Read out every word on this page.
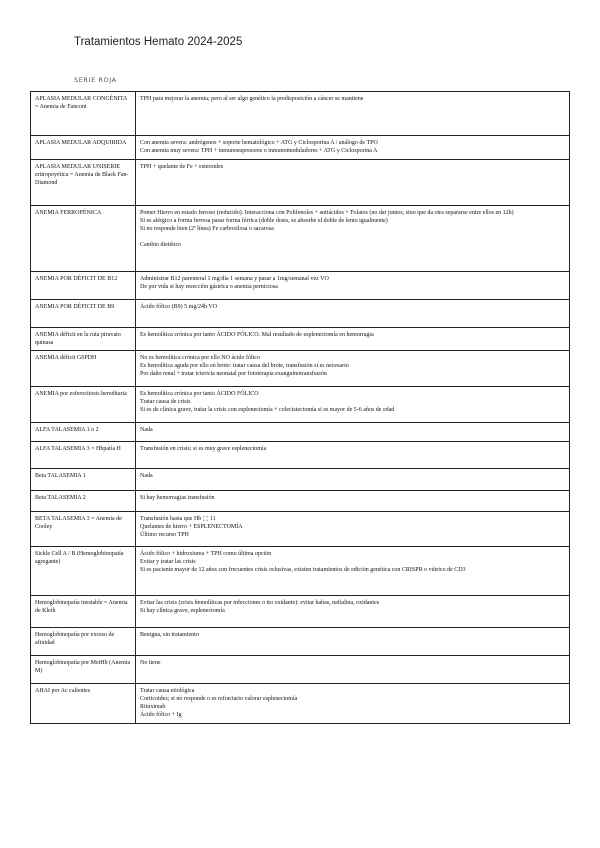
Tratamientos Hemato 2024-2025
SERIE ROJA
APLASIA MEDULAR CONGÉNITA = Anemia de Fanconi	TPH para mejorar la anemia; pero al ser algo genético la predisposición a cáncer se mantiene

APLASIA MEDULAR ADQUIRIDA	Con anemia severa: andrógenos + soporte hematológico + ATG y Ciclosporina A / análogo de TPO
Con anemia muy severa: TPH + inmunosupresores o inmunomoduladores + ATG y Ciclosporina A

APLASIA MEDULAR UNISERIE eritropoyética = Anemia de Black Fan-Diamond	TPH + quelante de Fe + esteroides

ANEMIA FERROPÉNICA	Pomer Hierro en estado ferroso (reducido). Interacciona con Polifenoles + antiácidos + Folatos (no dar juntos, sino que da otra separarse entre ellos en 12h)
Si es alérgico a forma ferrosa pasar forma férrica (doble dosis, se absorbe el doble de lento igualmente)
Si no responde bien (2ª línea) Fe carboxilosa o sacarosa
Cambio dietético

ANEMIA POR DÉFICIT DE B12	Administrar B12 parenteral 1 mg/día 1 semana y pasar a 1mg/semanal vez VO
De por vida si hay resección gástrica o anemia perniciosa

ANEMIA POR DÉFICIT DE B9	Ácido fólico (B9) 5 mg/24h VO

ANEMIA déficit en la ruta piruvato quinasa	Es hemolítica crónica por tanto ÁCIDO FÓLICO. Mal resultado de esplenectomía en hemorragia

ANEMIA déficit G6PDH	No es hemolítica crónica por ello NO ácido fólico
Es hemolítica aguda por ello en brote: tratar causa del brote, transfusión si es necesario
Por daño renal + tratar ictericia neonatal por fototerapia exanguinotransfusión

ANEMIA por esferocitosis hereditaria	Es hemolítica crónica por tanto ÁCIDO FÓLICO
Tratar causa de crisis
Si es de clínica grave, tratar la crisis con esplenectomía + colecistectomía si es mayor de 5-6 años de edad

ALFA TALASEMIA 1 o 2	Nada

ALFA TALASEMIA 3 = Hbpatía H	Transfusión en crisis; si es muy grave esplenectomía

Beta TALASEMIA 1	Nada

Beta TALASEMIA 2	Si hay hemorragias transfusión

BETA TALASEMIA 3 = Anemia de Cooley	Transfusión hasta que Hb ⬚ 11
Quelantes de hierro + ESPLENECTOMÍA
Último recurso TPH

Sickle Cell A / B (Hemoglobinopatía agregante)	Ácido fólico + hidroxiurea + TPH como última opción
Evitar y tratar las crisis
Si es paciente mayor de 12 años con frecuentes crisis oclusivas, existen tratamientos de edición genética con CRISPR o vútrico de CD3

Hemoglobinopatía inestable = Anemia de Kleih	Evitar las crisis (crisis hemolíticas por infecciones o tto oxidante): evitar habas, naftalina, oxidantes
Si hay clínica grave, esplenectomía

Hemoglobinopatía por exceso de afinidad	Benigna, sin tratamiento

Hemoglobinopatía por MetHb (Anemia M)	No tiene

AHAI por Ac calientes	Tratar causa etiológica
Corticoides; si no responde o es refractario valorar esplenectomía
Rituximab
Ácido fólico + Ig
